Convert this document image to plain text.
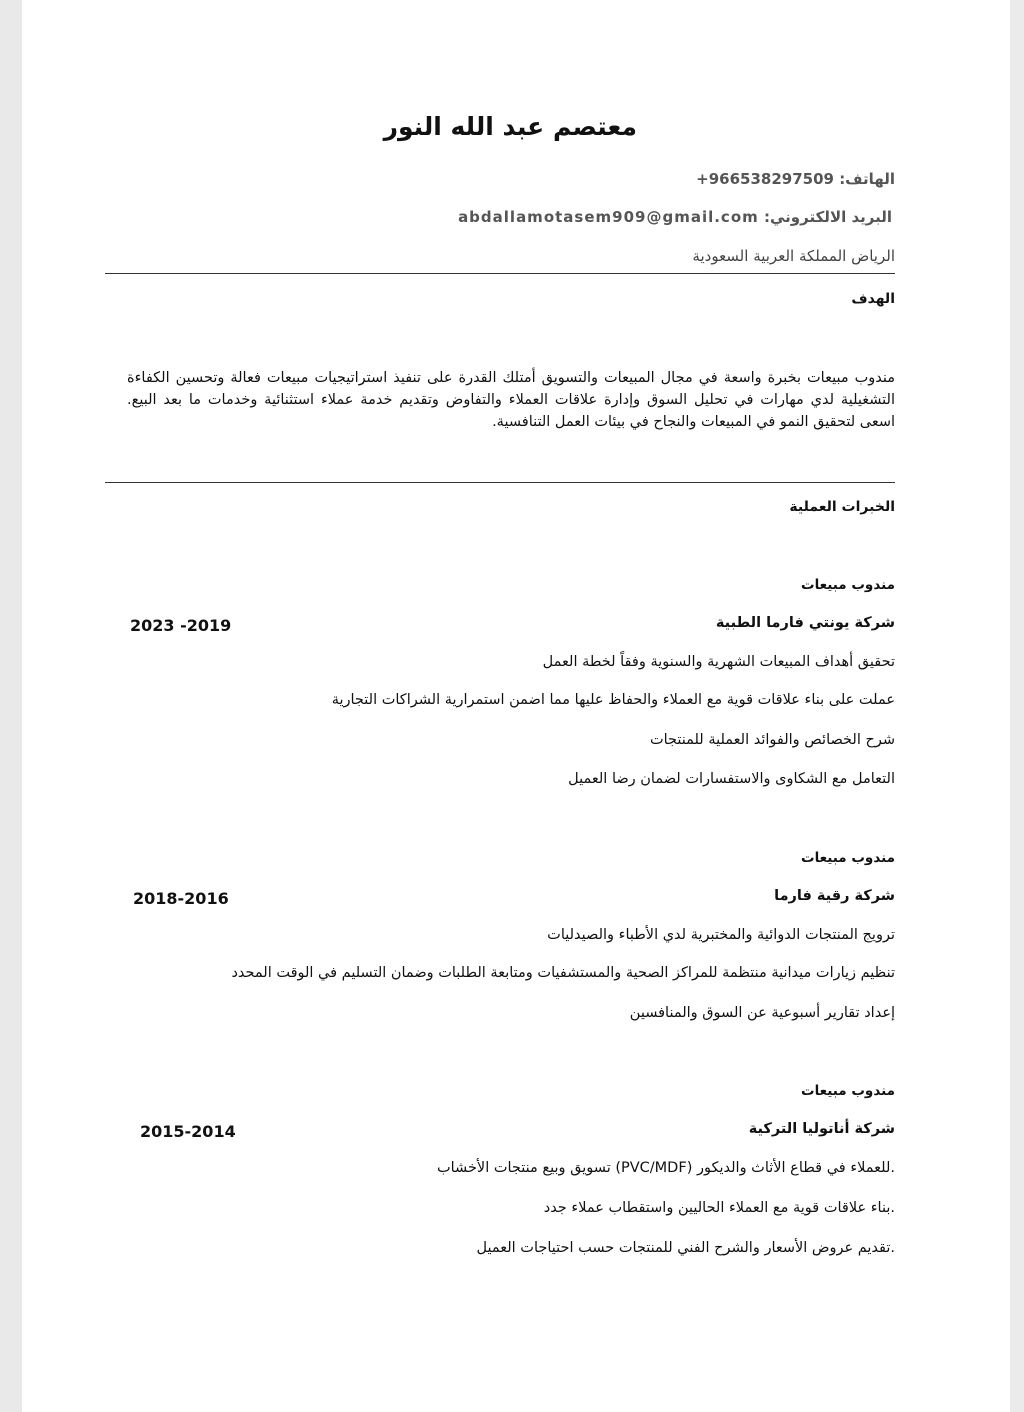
معتصم عبد الله النور
الهاتف: +966538297509
البريد الالكتروني: abdallamotasem909@gmail.com
الرياض المملكة العربية السعودية
الهدف
مندوب مبيعات بخبرة واسعة في مجال المبيعات والتسويق أمتلك القدرة على تنفيذ استراتيجيات مبيعات فعالة وتحسين الكفاءة التشغيلية لدي مهارات في تحليل السوق وإدارة علاقات العملاء والتفاوض وتقديم خدمة عملاء استثنائية وخدمات ما بعد البيع. اسعى لتحقيق النمو في المبيعات والنجاح في بيئات العمل التنافسية.
الخبرات العملية
مندوب مبيعات
شركة يونتي فارما الطبية
2023 -2019
تحقيق أهداف المبيعات الشهرية والسنوية وفقاً لخطة العمل
عملت على بناء علاقات قوية مع العملاء والحفاظ عليها مما اضمن استمرارية الشراكات التجارية
شرح الخصائص والفوائد العملية للمنتجات
التعامل مع الشكاوى والاستفسارات لضمان رضا العميل
مندوب مبيعات
شركة رقية فارما
2018-2016
ترويج المنتجات الدوائية والمختبرية لدي الأطباء والصيدليات
تنظيم زيارات ميدانية منتظمة للمراكز الصحية والمستشفيات ومتابعة الطلبات وضمان التسليم في الوقت المحدد
إعداد تقارير أسبوعية عن السوق والمنافسين
مندوب مبيعات
شركة أناتوليا التركية
2015-2014
.للعملاء في قطاع الأثاث والديكور (PVC/MDF) تسويق وبيع منتجات الأخشاب
.بناء علاقات قوية مع العملاء الحاليين واستقطاب عملاء جدد
.تقديم عروض الأسعار والشرح الفني للمنتجات حسب احتياجات العميل
